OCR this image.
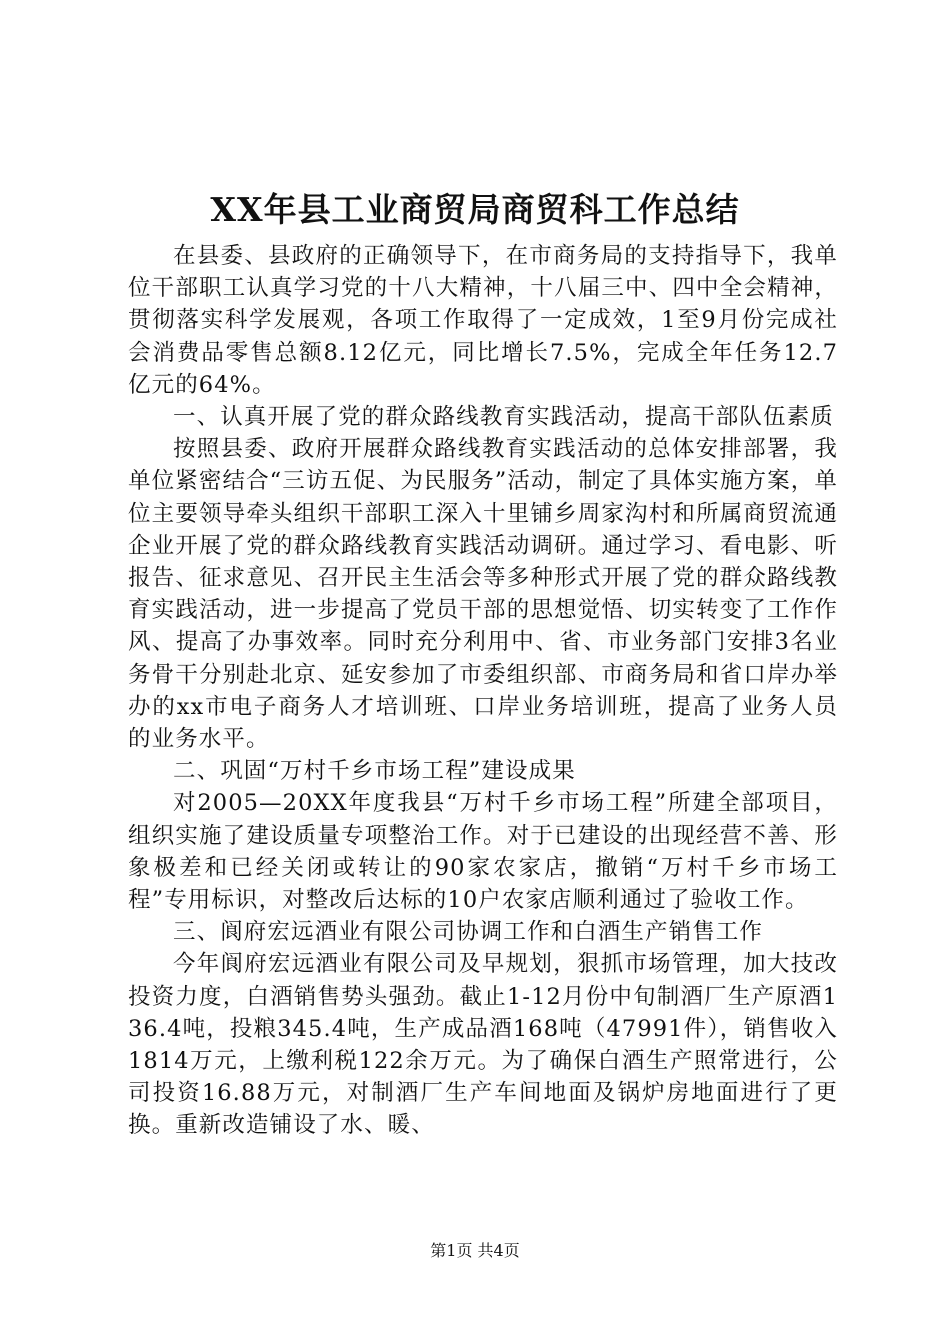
XX年县工业商贸局商贸科工作总结

在县委、县政府的正确领导下，在市商务局的支持指导下，我单位干部职工认真学习党的十八大精神，十八届三中、四中全会精神，贯彻落实科学发展观，各项工作取得了一定成效，1至9月份完成社会消费品零售总额8.12亿元，同比增长7.5%，完成全年任务12.7亿元的64%。

一、认真开展了党的群众路线教育实践活动，提高干部队伍素质

按照县委、政府开展群众路线教育实践活动的总体安排部署，我单位紧密结合“三访五促、为民服务”活动，制定了具体实施方案，单位主要领导牵头组织干部职工深入十里铺乡周家沟村和所属商贸流通企业开展了党的群众路线教育实践活动调研。通过学习、看电影、听报告、征求意见、召开民主生活会等多种形式开展了党的群众路线教育实践活动，进一步提高了党员干部的思想觉悟、切实转变了工作作风、提高了办事效率。同时充分利用中、省、市业务部门安排3名业务骨干分别赴北京、延安参加了市委组织部、市商务局和省口岸办举办的xx市电子商务人才培训班、口岸业务培训班，提高了业务人员的业务水平。

二、巩固“万村千乡市场工程”建设成果

对2005—20XX年度我县“万村千乡市场工程”所建全部项目，组织实施了建设质量专项整治工作。对于已建设的出现经营不善、形象极差和已经关闭或转让的90家农家店，撤销“万村千乡市场工程”专用标识，对整改后达标的10户农家店顺利通过了验收工作。

三、阆府宏远酒业有限公司协调工作和白酒生产销售工作

今年阆府宏远酒业有限公司及早规划，狠抓市场管理，加大技改投资力度，白酒销售势头强劲。截止1-12月份中旬制酒厂生产原酒136.4吨，投粮345.4吨，生产成品酒168吨（47991件），销售收入1814万元，上缴利税122余万元。为了确保白酒生产照常进行，公司投资16.88万元，对制酒厂生产车间地面及锅炉房地面进行了更换。重新改造铺设了水、暖、

第1页 共4页
